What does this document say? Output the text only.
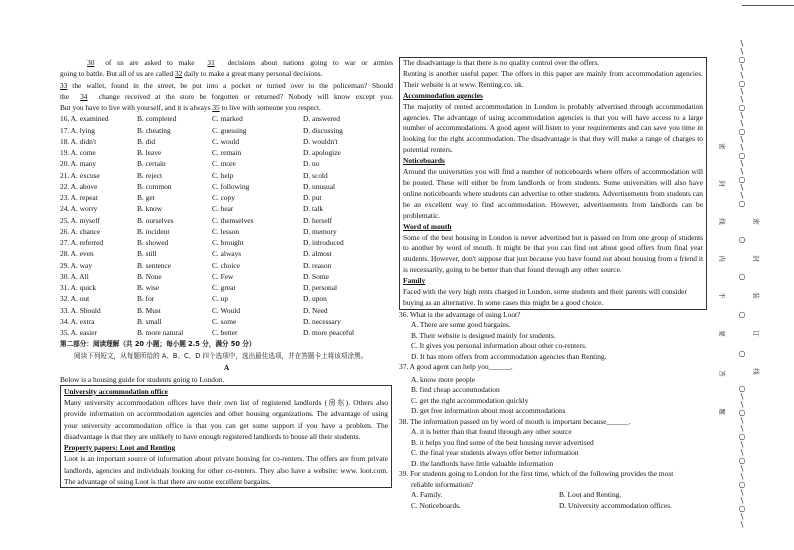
30 of us are asked to make 31 decisions about nations going to war or armies
going to battle. But all of us are called 32 daily to make a great many personal decisions.
33 the wallet, found in the street, be put into a pocket or turned over to the policeman? Should
the 34 change received at the store be forgotten or returned? Nobody will know except you.
But you have to live with yourself, and it is always 35 to live with someone you respect.
16. A. examined	B. completed	C. marked	D. answered
17. A. lying	B. cheating	C. guessing	D. discussing
18. A. didn't	B. did	C. would	D. wouldn't
19. A. come	B. leave	C. remain	D. apologize
20. A. many	B. certain	C. more	D. no
21. A. excuse	B. reject	C. help	D. scold
22. A. above	B. common	C. following	D. unusual
23. A. repeat	B. get	C. copy	D. put
24. A. worry	B. know	C. hear	D. talk
25. A. myself	B. ourselves	C. themselves	D. herself
26. A. chance	B. incident	C. lesson	D. memory
27. A. referred	B. showed	C. brought	D. introduced
28. A. even	B. still	C. always	D. almost
29. A. way	B. sentence	C. choice	D. reason
30. A. All	B. None	C. Few	D. Some
31. A. quick	B. wise	C. great	D. personal
32. A. out	B. for	C. up	D. upon
33. A. Should	B. Must	C. Would	D. Need
34. A. extra	B. small	C. some	D. necessary
35. A. easier	B. more natural	C. better	D. more peaceful
第二部分：阅读理解（共 20 小题；每小题 2.5 分，满分 50 分）
阅读下列短文，从每题所给的 A、B、C、D 四个选项中，选出最佳选项，并在答题卡上将该项涂黑。
A
Below is a housing guide for students going to London.
University accommodation office

Many university accommodation offices have their own list of registered landlords (房东). Others also provide information on accommodation agencies and other housing organizations. The advantage of using your university accommodation office is that you can get some support if you have a problem. The disadvantage is that they are unlikely to have enough registered landlords to house all their students.

Property papers: Loot and Renting

Loot is an important source of information about private housing for co-renters. The offers are from private landlords, agencies and individuals looking for other co-renters. They also have a website: www. loot.com. The advantage of using Loot is that there are some excellent bargains.

The disadvantage is that there is no quality control over the offers.

Renting is another useful paper. The offers in this paper are mainly from accommodation agencies. Their website is at www. Renting.co. uk.

Accommodation agencies

The majority of rented accommodation in London is probably advertised through accommodation agencies. The advantage of using accommodation agencies is that you will have access to a large number of accommodations. A good agent will listen to your requirements and can save you time in looking for the right accommodation. The disadvantage is that they will make a range of charges to potential renters.

Noticeboards

Around the universities you will find a number of noticeboards where offers of accommodation will be posted. These will either be from landlords or from students. Some universities will also have online noticeboards where students can advertise to other students. Advertisements from students can be an excellent way to find accommodation. However, advertisements from landlords can be problematic.

Word of mouth

Some of the best housing in London is never advertised but is passed on from one group of students to another by word of mouth. It might be that you can find out about good offers from final year students. However, don't suppose that just because you have found out about housing from a friend it is necessarily, going to be better than that found through any other source.

Family

Faced with the very high rents charged in London, some students and their parents will consider buying as an alternative. In some cases this might be a good choice.

36. What is the advantage of using Loot?
A. There are some good bargains.
B. Their website is designed mainly for students.
C. It gives you personal information about other co-renters.
D. It has more offers from accommodation agencies than Renting.
37. A good agent can help you______.
A. know more people
B. find cheap accommodation
C. get the right accommodation quickly
D. get free information about most accommodations
38. The information passed on by word of mouth is important because______.
A. it is better than that found through any other source
B. it helps you find some of the best housing never advertised
C. the final year students always offer better information
D. the landlords have little valuable information
39. For students going to London for the first time, which of the following provides the most
reliable information?
A. Family.	B. Loot and Renting.
C. Noticeboards.	D. University accommodation offices.
\
\
○
\
\
○
\
\
○
\
\
○
\
\
○
\
\
○
\
\
○
○
○
○
○
○
\
\
○
\
\
○
\
\
○
\
\
○
\
\
○
\
\
密
封
线
内
不
要
答
题
密
封
装
订
线
